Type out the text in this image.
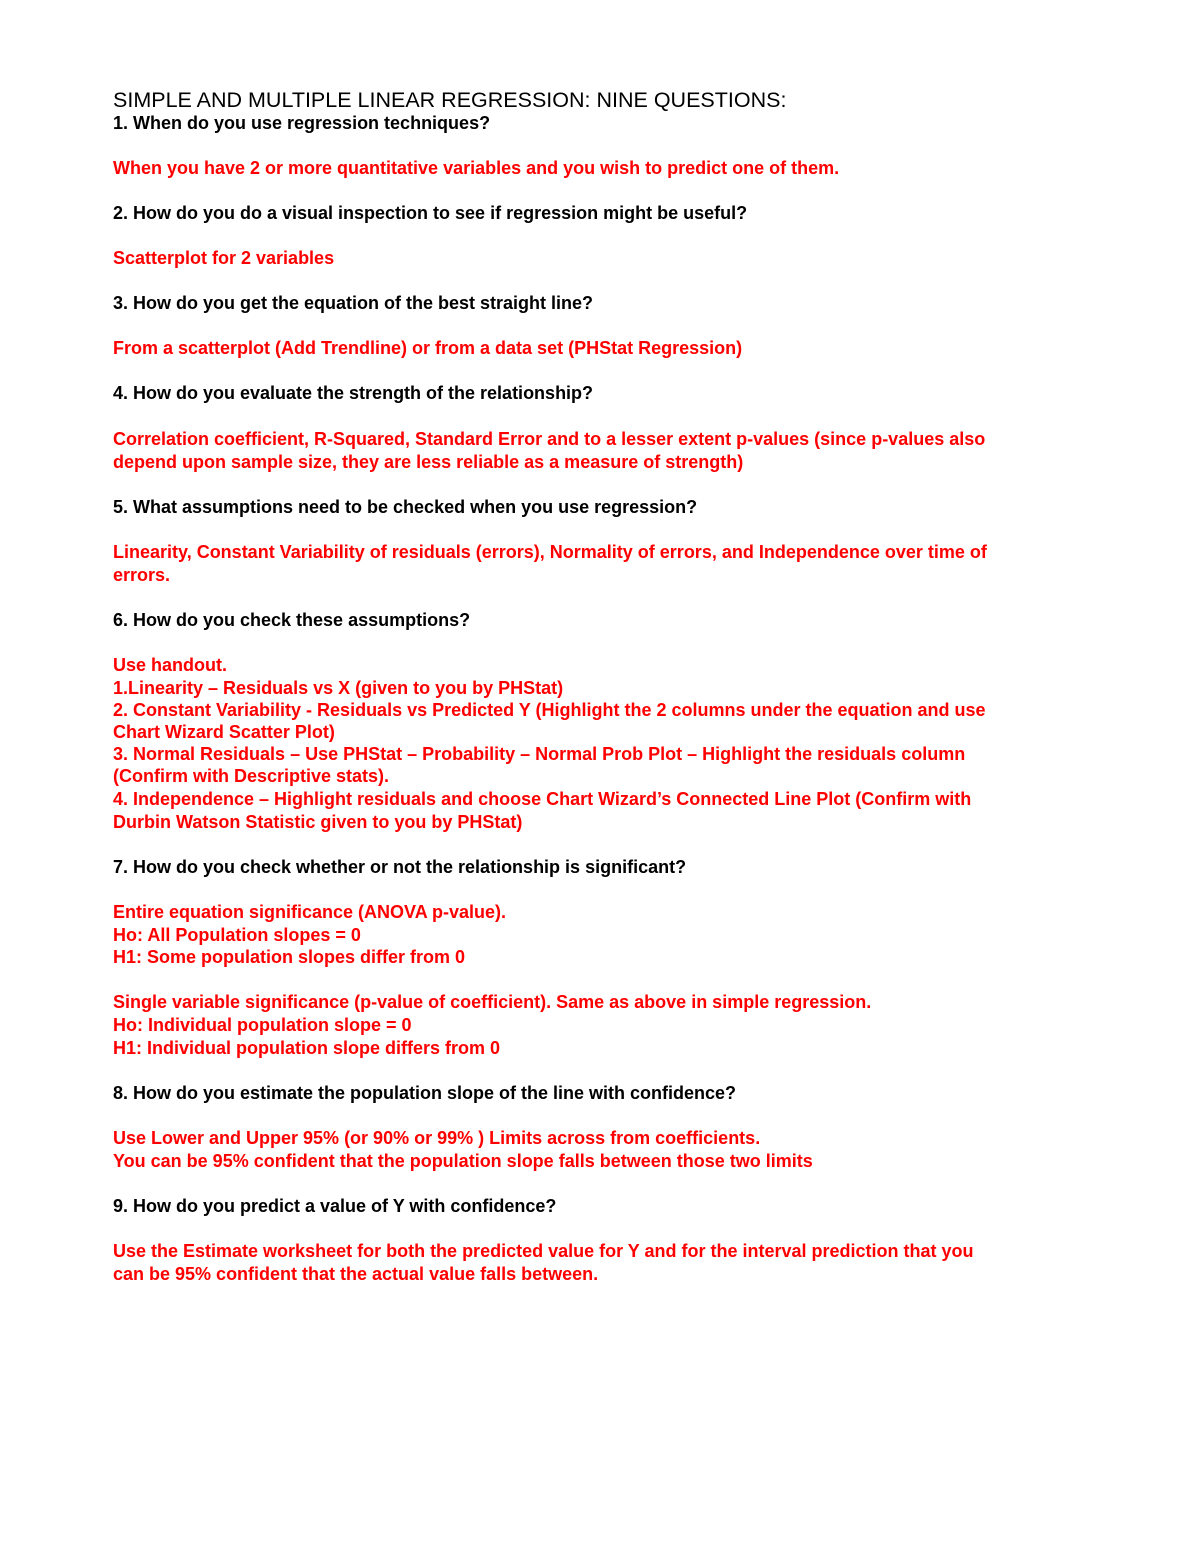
SIMPLE AND MULTIPLE LINEAR REGRESSION: NINE QUESTIONS:

1. When do you use regression techniques?

When you have 2 or more quantitative variables and you wish to predict one of them.

2. How do you do a visual inspection to see if regression might be useful?

Scatterplot for 2 variables

3. How do you get the equation of the best straight line?

From a scatterplot (Add Trendline) or from a data set (PHStat Regression)

4. How do you evaluate the strength of the relationship?

Correlation coefficient, R-Squared, Standard Error and to a lesser extent p-values (since p-values also

depend upon sample size, they are less reliable as a measure of strength)

5. What assumptions need to be checked when you use regression?

Linearity, Constant Variability of residuals (errors), Normality of errors, and Independence over time of

errors.

6. How do you check these assumptions?

Use handout.

1.Linearity – Residuals vs X (given to you by PHStat)

2. Constant Variability - Residuals vs Predicted Y (Highlight the 2 columns under the equation and use

Chart Wizard Scatter Plot)

3. Normal Residuals – Use PHStat – Probability – Normal Prob Plot – Highlight the residuals column

(Confirm with Descriptive stats).

4. Independence – Highlight residuals and choose Chart Wizard’s Connected Line Plot (Confirm with

Durbin Watson Statistic given to you by PHStat)

7. How do you check whether or not the relationship is significant?

Entire equation significance (ANOVA p-value).

Ho: All Population slopes = 0

H1: Some population slopes differ from 0

Single variable significance (p-value of coefficient). Same as above in simple regression.

Ho: Individual population slope = 0

H1: Individual population slope differs from 0

8. How do you estimate the population slope of the line with confidence?

Use Lower and Upper 95% (or 90% or 99% ) Limits across from coefficients.

You can be 95% confident that the population slope falls between those two limits

9. How do you predict a value of Y with confidence?

Use the Estimate worksheet for both the predicted value for Y and for the interval prediction that you

can be 95% confident that the actual value falls between.
